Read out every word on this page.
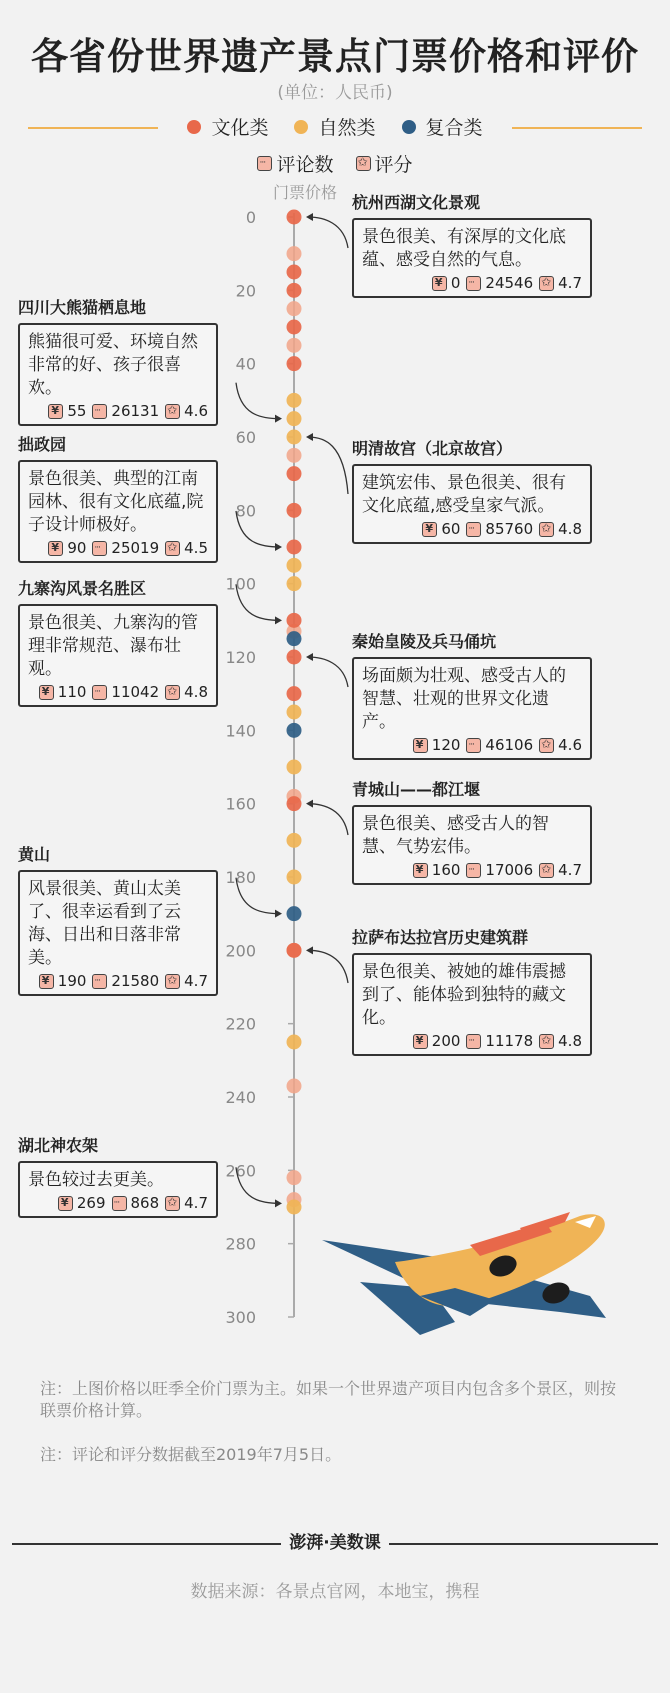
0
20
40
60
80
100
120
140
160
180
200
220
240
260
280
300
各省份世界遗产景点门票价格和评价
(单位：人民币)
文化类	自然类	复合类
··· 评论数 ✩ 评分
门票价格
杭州西湖文化景观
景色很美、有深厚的文化底蕴、感受自然的气息。
¥
0 ··· 24546 ✩ 4.7
四川大熊猫栖息地
熊猫很可爱、环境自然非常的好、孩子很喜欢。
¥
55 ··· 26131 ✩ 4.6
明清故宫（北京故宫）
建筑宏伟、景色很美、很有文化底蕴,感受皇家气派。
¥
60 ··· 85760 ✩ 4.8
拙政园
景色很美、典型的江南园林、很有文化底蕴,院子设计师极好。
¥
90 ··· 25019 ✩ 4.5
九寨沟风景名胜区
景色很美、九寨沟的管理非常规范、瀑布壮观。
¥
110 ··· 11042 ✩ 4.8
秦始皇陵及兵马俑坑
场面颇为壮观、感受古人的智慧、壮观的世界文化遗产。
¥
120 ··· 46106 ✩ 4.6
青城山——都江堰
景色很美、感受古人的智慧、气势宏伟。
¥
160 ··· 17006 ✩ 4.7
黄山
风景很美、黄山太美了、很幸运看到了云海、日出和日落非常美。
¥
190 ··· 21580 ✩ 4.7
拉萨布达拉宫历史建筑群
景色很美、被她的雄伟震撼到了、能体验到独特的藏文化。
¥
200 ··· 11178 ✩ 4.8
湖北神农架
景色较过去更美。
¥
269 ··· 868 ✩ 4.7
注：上图价格以旺季全价门票为主。如果一个世界遗产项目内包含多个景区，则按联票价格计算。
注：评论和评分数据截至2019年7月5日。
澎湃·美数课
数据来源：各景点官网，本地宝，携程
